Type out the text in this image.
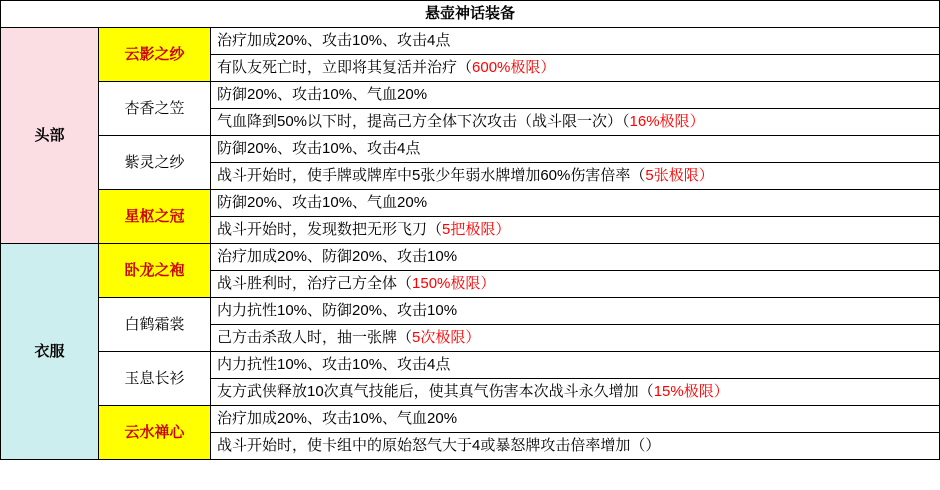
悬壶神话装备		
头部	云影之纱	治疗加成20%、攻击10%、攻击4点
		有队友死亡时，立即将其复活并治疗（600%极限）
	杏香之笠	防御20%、攻击10%、气血20%
		气血降到50%以下时，提高己方全体下次攻击（战斗限一次）（16%极限）
	紫灵之纱	防御20%、攻击10%、攻击4点
		战斗开始时，使手牌或牌库中5张少年弱水牌增加60%伤害倍率（5张极限）
	星枢之冠	防御20%、攻击10%、气血20%
		战斗开始时，发现数把无形飞刀（5把极限）
衣服	卧龙之袍	治疗加成20%、防御20%、攻击10%
		战斗胜利时，治疗己方全体（150%极限）
	白鹤霜裳	内力抗性10%、防御20%、攻击10%
		己方击杀敌人时，抽一张牌（5次极限）
	玉息长衫	内力抗性10%、攻击10%、攻击4点
		友方武侠释放10次真气技能后，使其真气伤害本次战斗永久增加（15%极限）
	云水禅心	治疗加成20%、攻击10%、气血20%
		战斗开始时，使卡组中的原始怒气大于4或暴怒牌攻击倍率增加（）
